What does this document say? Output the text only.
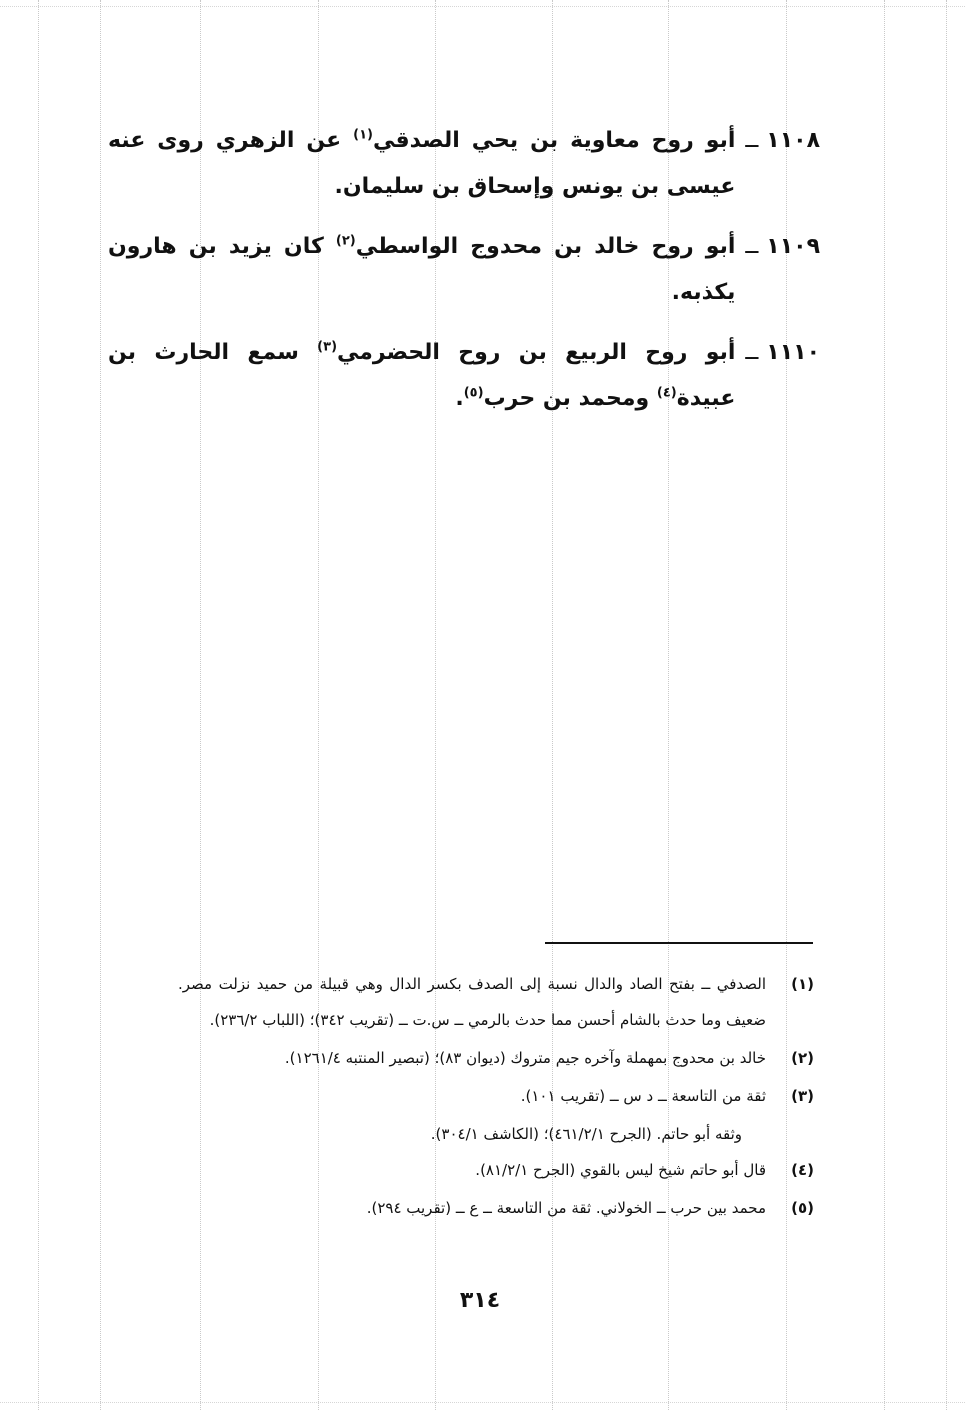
١١٠٨
ــ
أبو روح معاوية بن يحي الصدقي$^{(١)}$ عن الزهري روى عنه عيسى بن يونس وإسحاق بن سليمان.
١١٠٩
ــ
أبو روح خالد بن محدوج الواسطي$^{(٢)}$ كان يزيد بن هارون يكذبه.
١١١٠
ــ
أبو روح الربيع بن روح الحضرمي$^{(٣)}$ سمع الحارث بن عبيدة$^{(٤)}$ ومحمد بن حرب$^{(٥)}$.
(١)
الصدفي ــ بفتح الصاد والدال نسبة إلى الصدف بكسر الدال وهي قبيلة من حميد نزلت مصر. ضعيف وما حدث بالشام أحسن مما حدث بالرمي ــ س.ت ــ (تقريب ٣٤٢)؛ (اللباب ٢٣٦/٢).
(٢)
خالد بن محدوج بمهملة وآخره جيم متروك (ديوان ٨٣)؛ (تبصير المنتبه ١٢٦١/٤).
(٣)
ثقة من التاسعة ــ د س ــ (تقريب ١٠١).
وثقه أبو حاتم. (الجرح ٤٦١/٢/١)؛ (الكاشف ٣٠٤/١).
(٤)
قال أبو حاتم شيخ ليس بالقوي (الجرح ٨١/٢/١).
(٥)
محمد بين حرب ــ الخولاني. ثقة من التاسعة ــ ع ــ (تقريب ٢٩٤).
٣١٤
